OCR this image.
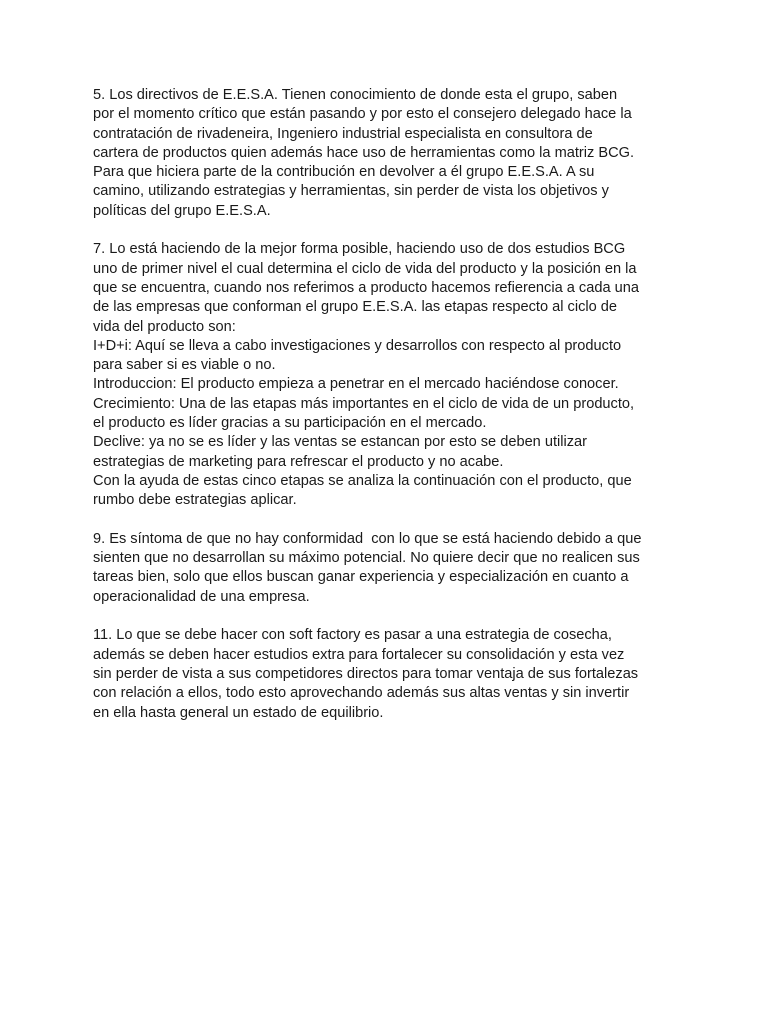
5. Los directivos de E.E.S.A. Tienen conocimiento de donde esta el grupo, saben
por el momento crítico que están pasando y por esto el consejero delegado hace la
contratación de rivadeneira, Ingeniero industrial especialista en consultora de
cartera de productos quien además hace uso de herramientas como la matriz BCG.
Para que hiciera parte de la contribución en devolver a él grupo E.E.S.A. A su
camino, utilizando estrategias y herramientas, sin perder de vista los objetivos y
políticas del grupo E.E.S.A.
7. Lo está haciendo de la mejor forma posible, haciendo uso de dos estudios BCG
uno de primer nivel el cual determina el ciclo de vida del producto y la posición en la
que se encuentra, cuando nos referimos a producto hacemos refierencia a cada una
de las empresas que conforman el grupo E.E.S.A. las etapas respecto al ciclo de
vida del producto son:
I+D+i: Aquí se lleva a cabo investigaciones y desarrollos con respecto al producto
para saber si es viable o no.
Introduccion: El producto empieza a penetrar en el mercado haciéndose conocer.
Crecimiento: Una de las etapas más importantes en el ciclo de vida de un producto,
el producto es líder gracias a su participación en el mercado.
Declive: ya no se es líder y las ventas se estancan por esto se deben utilizar
estrategias de marketing para refrescar el producto y no acabe.
Con la ayuda de estas cinco etapas se analiza la continuación con el producto, que
rumbo debe estrategias aplicar.
9. Es síntoma de que no hay conformidad  con lo que se está haciendo debido a que
sienten que no desarrollan su máximo potencial. No quiere decir que no realicen sus
tareas bien, solo que ellos buscan ganar experiencia y especialización en cuanto a
operacionalidad de una empresa.
11. Lo que se debe hacer con soft factory es pasar a una estrategia de cosecha,
además se deben hacer estudios extra para fortalecer su consolidación y esta vez
sin perder de vista a sus competidores directos para tomar ventaja de sus fortalezas
con relación a ellos, todo esto aprovechando además sus altas ventas y sin invertir
en ella hasta general un estado de equilibrio.
